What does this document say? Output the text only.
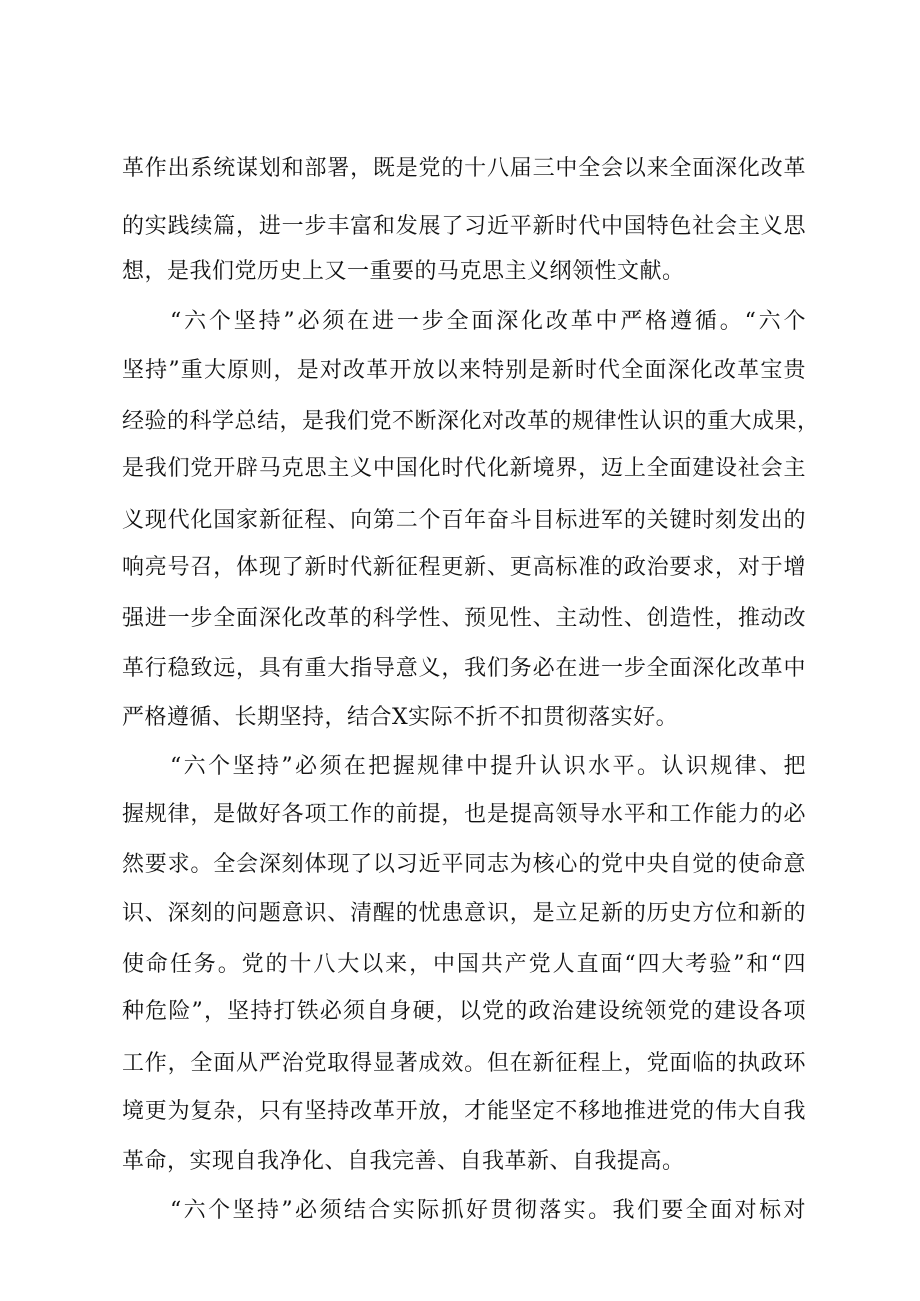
革作出系统谋划和部署，既是党的十八届三中全会以来全面深化改革

的实践续篇，进一步丰富和发展了习近平新时代中国特色社会主义思

想，是我们党历史上又一重要的马克思主义纲领性文献。

“六个坚持”必须在进一步全面深化改革中严格遵循。“六个

坚持”重大原则，是对改革开放以来特别是新时代全面深化改革宝贵

经验的科学总结，是我们党不断深化对改革的规律性认识的重大成果，

是我们党开辟马克思主义中国化时代化新境界，迈上全面建设社会主

义现代化国家新征程、向第二个百年奋斗目标进军的关键时刻发出的

响亮号召，体现了新时代新征程更新、更高标准的政治要求，对于增

强进一步全面深化改革的科学性、预见性、主动性、创造性，推动改

革行稳致远，具有重大指导意义，我们务必在进一步全面深化改革中

严格遵循、长期坚持，结合X实际不折不扣贯彻落实好。

“六个坚持”必须在把握规律中提升认识水平。认识规律、把

握规律，是做好各项工作的前提，也是提高领导水平和工作能力的必

然要求。全会深刻体现了以习近平同志为核心的党中央自觉的使命意

识、深刻的问题意识、清醒的忧患意识，是立足新的历史方位和新的

使命任务。党的十八大以来，中国共产党人直面“四大考验”和“四

种危险”，坚持打铁必须自身硬，以党的政治建设统领党的建设各项

工作，全面从严治党取得显著成效。但在新征程上，党面临的执政环

境更为复杂，只有坚持改革开放，才能坚定不移地推进党的伟大自我

革命，实现自我净化、自我完善、自我革新、自我提高。

“六个坚持”必须结合实际抓好贯彻落实。我们要全面对标对
